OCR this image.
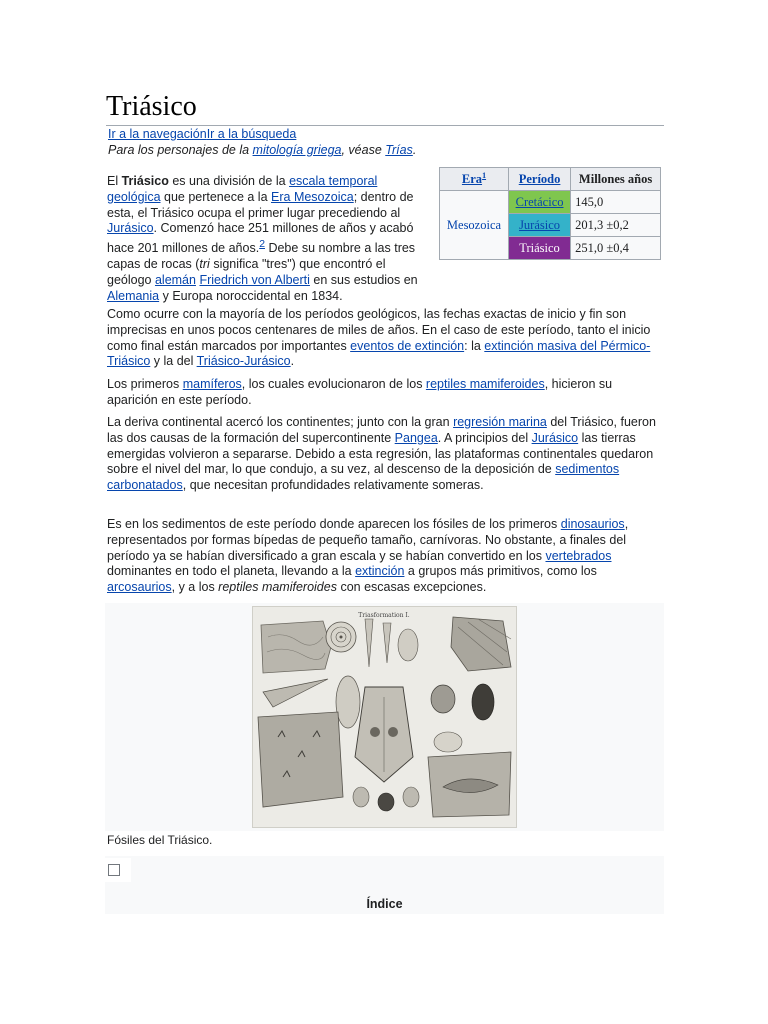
Triásico
Ir a la navegaciónIr a la búsqueda
Para los personajes de la mitología griega, véase Trías.

El Triásico es una división de la escala temporal geológica que pertenece a la Era Mesozoica; dentro de esta, el Triásico ocupa el primer lugar precediendo al Jurásico. Comenzó hace 251 millones de años y acabó hace 201 millones de años.$^2$ Debe su nombre a las tres capas de rocas (tri significa "tres") que encontró el geólogo alemán Friedrich von Alberti en sus estudios en Alemania y Europa noroccidental en 1834.

Era$^1$	Período	Millones años
Mesozoica	Cretácico	145,0
	Jurásico	201,3 ±0,2
	Triásico	251,0 ±0,4

Como ocurre con la mayoría de los períodos geológicos, las fechas exactas de inicio y fin son imprecisas en unos pocos centenares de miles de años. En el caso de este período, tanto el inicio como final están marcados por importantes eventos de extinción: la extinción masiva del Pérmico-Triásico y la del Triásico-Jurásico.

Los primeros mamíferos, los cuales evolucionaron de los reptiles mamiferoides, hicieron su aparición en este período.

La deriva continental acercó los continentes; junto con la gran regresión marina del Triásico, fueron las dos causas de la formación del supercontinente Pangea. A principios del Jurásico las tierras emergidas volvieron a separarse. Debido a esta regresión, las plataformas continentales quedaron sobre el nivel del mar, lo que condujo, a su vez, al descenso de la deposición de sedimentos carbonatados, que necesitan profundidades relativamente someras.

Es en los sedimentos de este período donde aparecen los fósiles de los primeros dinosaurios, representados por formas bípedas de pequeño tamaño, carnívoras. No obstante, a finales del período ya se habían diversificado a gran escala y se habían convertido en los vertebrados dominantes en todo el planeta, llevando a la extinción a grupos más primitivos, como los arcosaurios, y a los reptiles mamiferoides con escasas excepciones.

Triasformation I.
Fósiles del Triásico.
Índice
